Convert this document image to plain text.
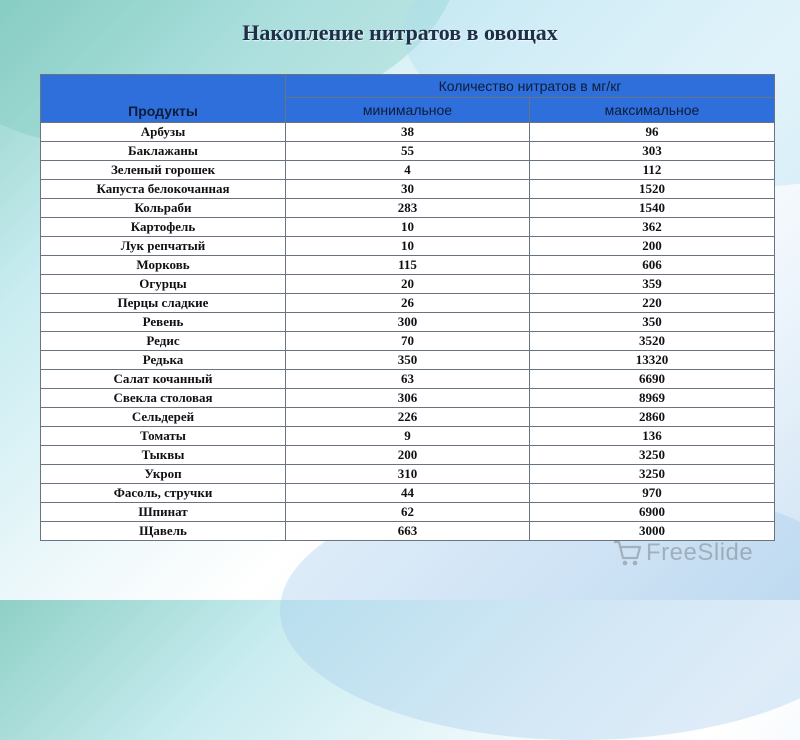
Накопление нитратов в овощах
Продукты	Количество нитратов в мг/кг	
	минимальное	максимальное
Арбузы	38	96
Баклажаны	55	303
Зеленый горошек	4	112
Капуста белокочанная	30	1520
Кольраби	283	1540
Картофель	10	362
Лук репчатый	10	200
Морковь	115	606
Огурцы	20	359
Перцы сладкие	26	220
Ревень	300	350
Редис	70	3520
Редька	350	13320
Салат кочанный	63	6690
Свекла столовая	306	8969
Сельдерей	226	2860
Томаты	9	136
Тыквы	200	3250
Укроп	310	3250
Фасоль, стручки	44	970
Шпинат	62	6900
Щавель	663	3000
FreeSlide
